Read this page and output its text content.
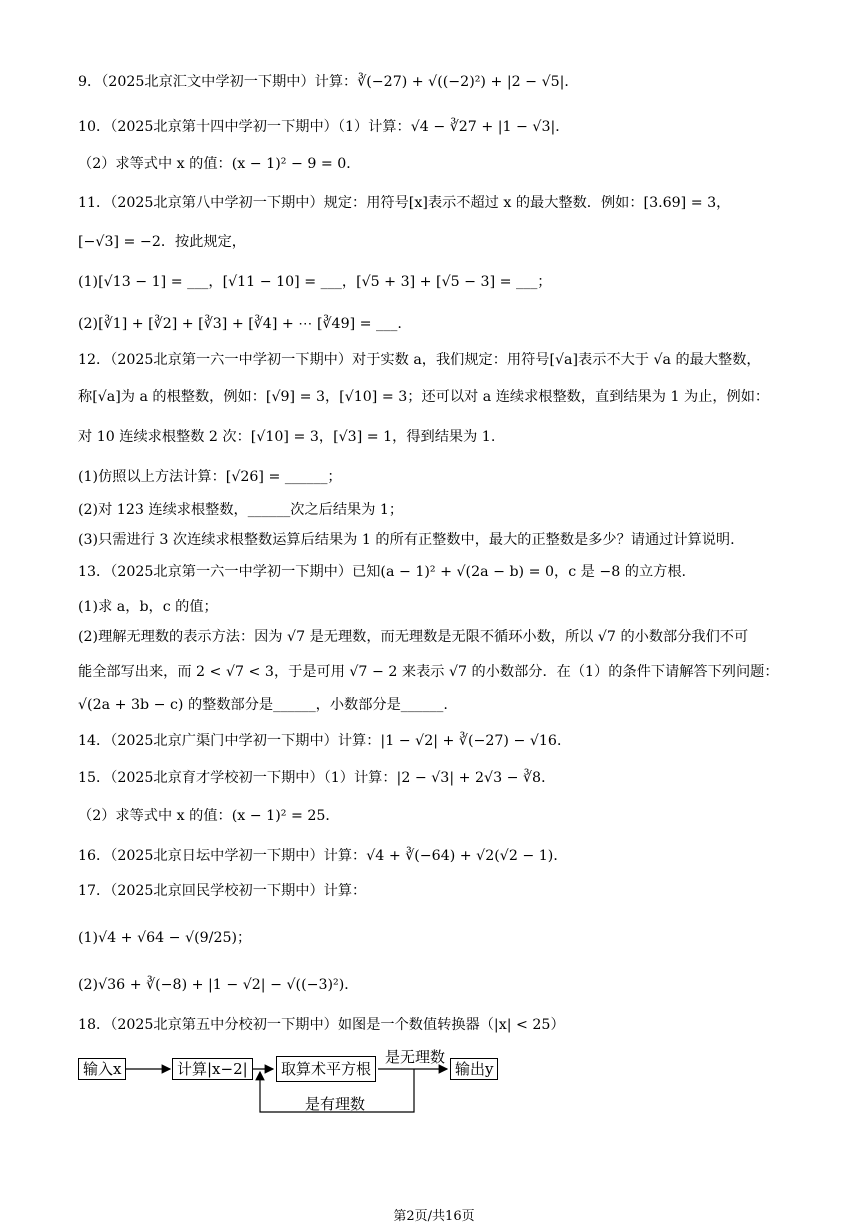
9．（2025北京汇文中学初一下期中）计算：∛(−27) + √((−2)²) + |2 − √5|．
10．（2025北京第十四中学初一下期中）（1）计算：√4 − ∛27 + |1 − √3|．
（2）求等式中 x 的值：(x − 1)² − 9 = 0．
11．（2025北京第八中学初一下期中）规定：用符号[x]表示不超过 x 的最大整数．例如：[3.69] = 3，
[−√3] = −2．按此规定，
(1)[√13 − 1] = ___，[√11 − 10] = ___，[√5 + 3] + [√5 − 3] = ___；
(2)[∛1] + [∛2] + [∛3] + [∛4] + ⋯ [∛49] = ___.
12．（2025北京第一六一中学初一下期中）对于实数 a，我们规定：用符号[√a]表示不大于 √a 的最大整数，
称[√a]为 a 的根整数，例如：[√9] = 3，[√10] = 3；还可以对 a 连续求根整数，直到结果为 1 为止，例如：
对 10 连续求根整数 2 次：[√10] = 3，[√3] = 1，得到结果为 1.
(1)仿照以上方法计算：[√26] = ______；
(2)对 123 连续求根整数，______次之后结果为 1；
(3)只需进行 3 次连续求根整数运算后结果为 1 的所有正整数中，最大的正整数是多少？请通过计算说明.
13．（2025北京第一六一中学初一下期中）已知(a − 1)² + √(2a − b) = 0，c 是 −8 的立方根.
(1)求 a，b，c 的值；
(2)理解无理数的表示方法：因为 √7 是无理数，而无理数是无限不循环小数，所以 √7 的小数部分我们不可
能全部写出来，而 2 < √7 < 3，于是可用 √7 − 2 来表示 √7 的小数部分．在（1）的条件下请解答下列问题：
√(2a + 3b − c) 的整数部分是______，小数部分是______.
14．（2025北京广渠门中学初一下期中）计算：|1 − √2| + ∛(−27) − √16．
15．（2025北京育才学校初一下期中）（1）计算：|2 − √3| + 2√3 − ∛8．
（2）求等式中 x 的值：(x − 1)² = 25．
16．（2025北京日坛中学初一下期中）计算：√4 + ∛(−64) + √2(√2 − 1)．
17．（2025北京回民学校初一下期中）计算：
(1)√4 + √64 − √(9/25)；
(2)√36 + ∛(−8) + |1 − √2| − √((−3)²)．
18．（2025北京第五中分校初一下期中）如图是一个数值转换器（|x| < 25）
输入x	计算|x−2|	取算术平方根	输出y
是无理数
是有理数
第2页/共16页
